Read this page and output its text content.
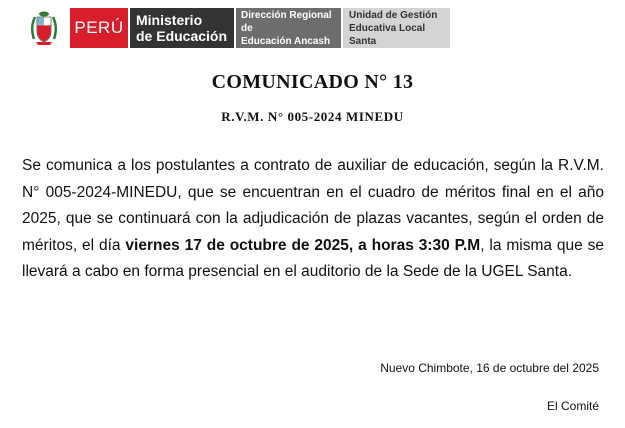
PERÚ Ministerio
de Educación
Dirección Regional de
Educación Ancash
Unidad de Gestión
Educativa Local Santa
COMUNICADO N° 13
R.V.M. N° 005-2024 MINEDU
Se comunica a los postulantes a contrato de auxiliar de educación, según la R.V.M. N° 005-2024-MINEDU, que se encuentran en el cuadro de méritos final en el año 2025, que se continuará con la adjudicación de plazas vacantes, según el orden de méritos, el día viernes 17 de octubre de 2025, a horas 3:30 P.M, la misma que se llevará a cabo en forma presencial en el auditorio de la Sede de la UGEL Santa.
Nuevo Chimbote, 16 de octubre del 2025
El Comité
